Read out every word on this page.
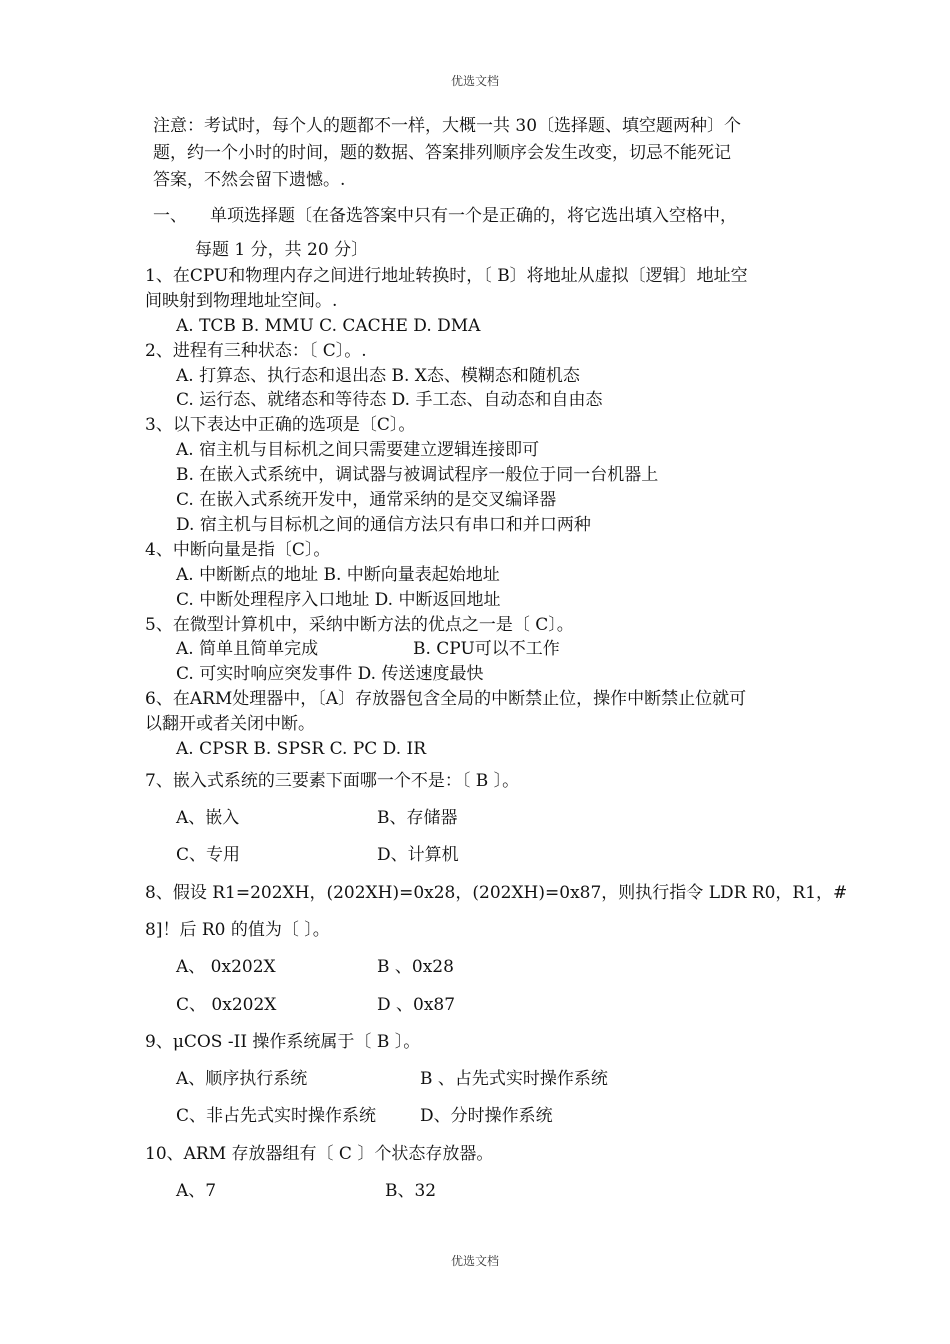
优选文档
注意：考试时，每个人的题都不一样，大概一共 30〔选择题、填空题两种〕个
题，约一个小时的时间，题的数据、答案排列顺序会发生改变，切忌不能死记
答案，不然会留下遗憾。.
一、 单项选择题〔在备选答案中只有一个是正确的，将它选出填入空格中，
每题 1 分，共 20 分〕
1、在CPU和物理内存之间进行地址转换时，〔 B〕将地址从虚拟〔逻辑〕地址空
间映射到物理地址空间。.
A. TCB B. MMU C. CACHE D. DMA
2、进程有三种状态：〔 C〕。.
A. 打算态、执行态和退出态 B. X态、模糊态和随机态
C. 运行态、就绪态和等待态 D. 手工态、自动态和自由态
3、以下表达中正确的选项是〔C〕。
A. 宿主机与目标机之间只需要建立逻辑连接即可
B. 在嵌入式系统中，调试器与被调试程序一般位于同一台机器上
C. 在嵌入式系统开发中，通常采纳的是交叉编译器
D. 宿主机与目标机之间的通信方法只有串口和并口两种
4、中断向量是指〔C〕。
A. 中断断点的地址 B. 中断向量表起始地址
C. 中断处理程序入口地址 D. 中断返回地址
5、在微型计算机中，采纳中断方法的优点之一是〔 C〕。
A. 简单且简单完成	B. CPU可以不工作
C. 可实时响应突发事件 D. 传送速度最快
6、在ARM处理器中，〔A〕存放器包含全局的中断禁止位，操作中断禁止位就可
以翻开或者关闭中断。
A. CPSR B. SPSR C. PC D. IR
7、嵌入式系统的三要素下面哪一个不是：〔 B 〕。
A、嵌入	B、存储器
C、专用	D、计算机
8、假设 R1=202XH，(202XH)=0x28，(202XH)=0x87，则执行指令 LDR R0，R1，#
8]！后 R0 的值为〔 〕。
A、 0x202X	B 、0x28
C、 0x202X	D 、0x87
9、μCOS -II 操作系统属于〔 B 〕。
A、顺序执行系统	B 、占先式实时操作系统
C、非占先式实时操作系统	D、分时操作系统
10、ARM 存放器组有〔 C 〕个状态存放器。
A、7	B、32
优选文档
